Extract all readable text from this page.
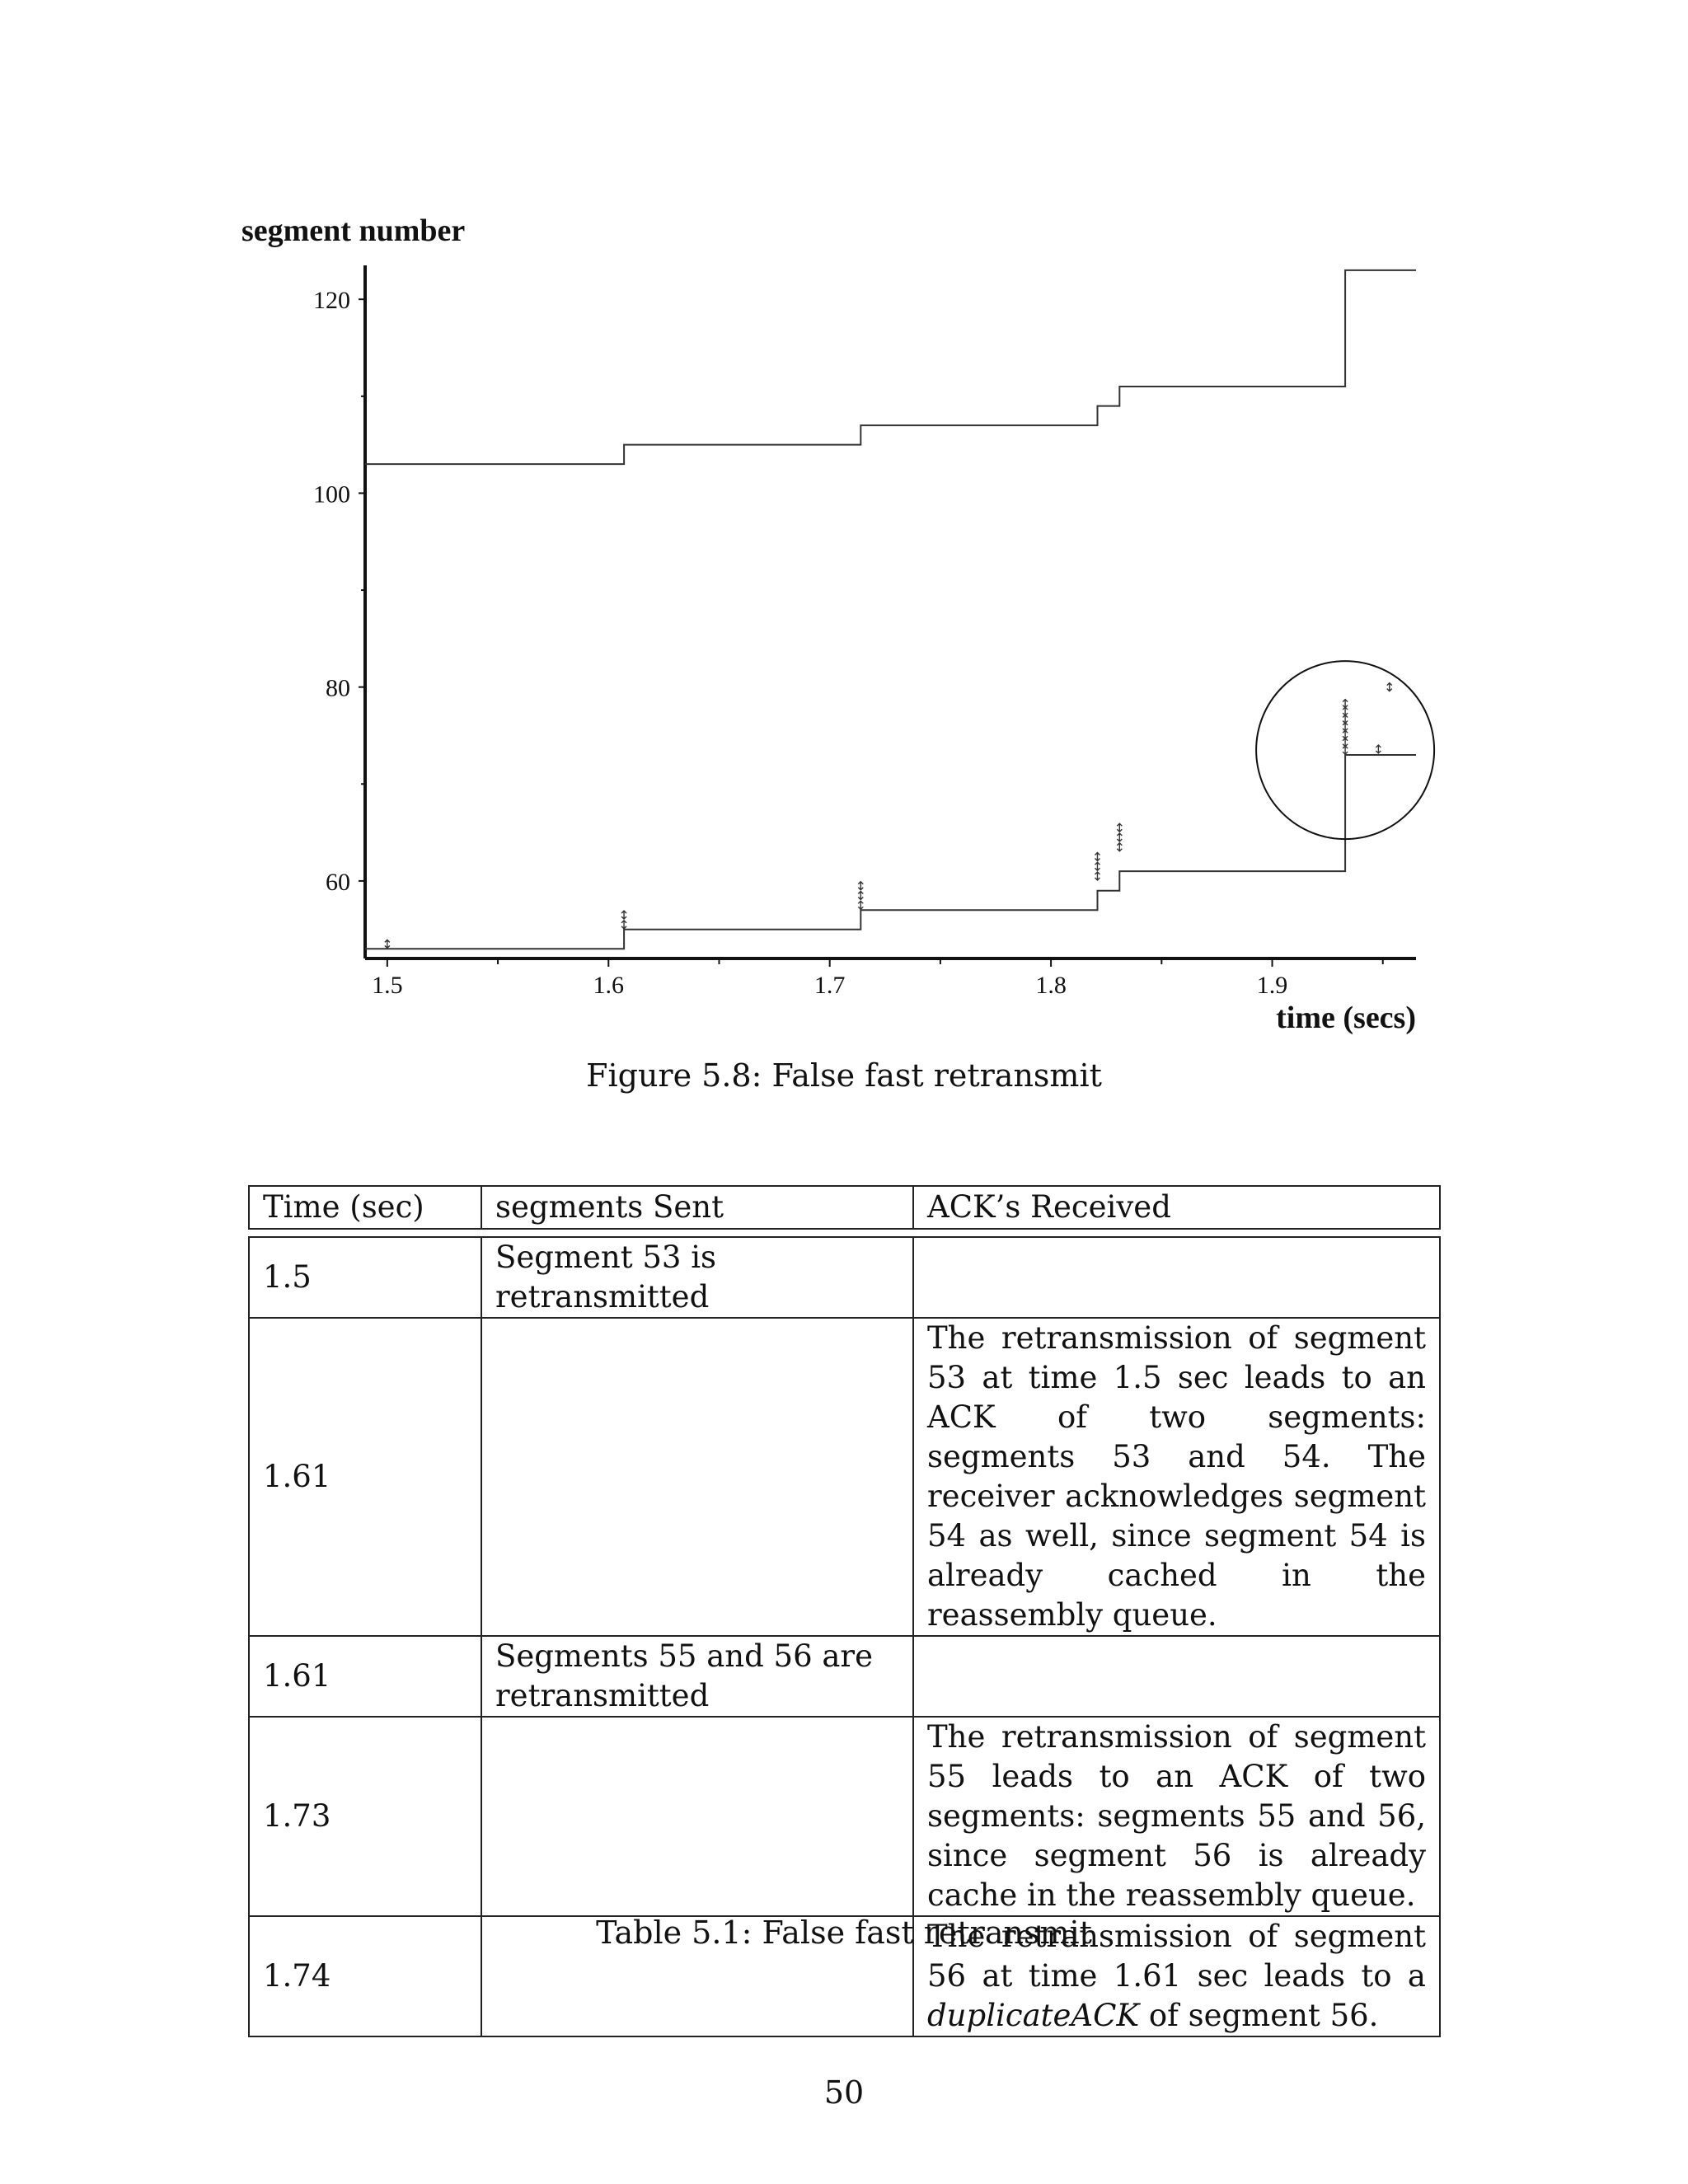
1.5	1.6	1.7	1.8	1.9
60
80
100
120
segment number
time (secs)
Figure 5.8: False fast retransmit
Time (sec)	segments Sent	ACK’s Received

1.5	Segment 53 is retransmitted	
1.61		The retransmission of segment 53 at time 1.5 sec leads to an ACK of two segments: segments 53 and 54. The receiver acknowledges segment 54 as well, since segment 54 is already cached in the reassembly queue.
1.61	Segments 55 and 56 are retransmitted	
1.73		The retransmission of segment 55 leads to an ACK of two segments: segments 55 and 56, since segment 56 is already cache in the reassembly queue.
1.74		The retransmission of segment 56 at time 1.61 sec leads to a duplicateACK of segment 56.
Table 5.1: False fast retransmit
50
